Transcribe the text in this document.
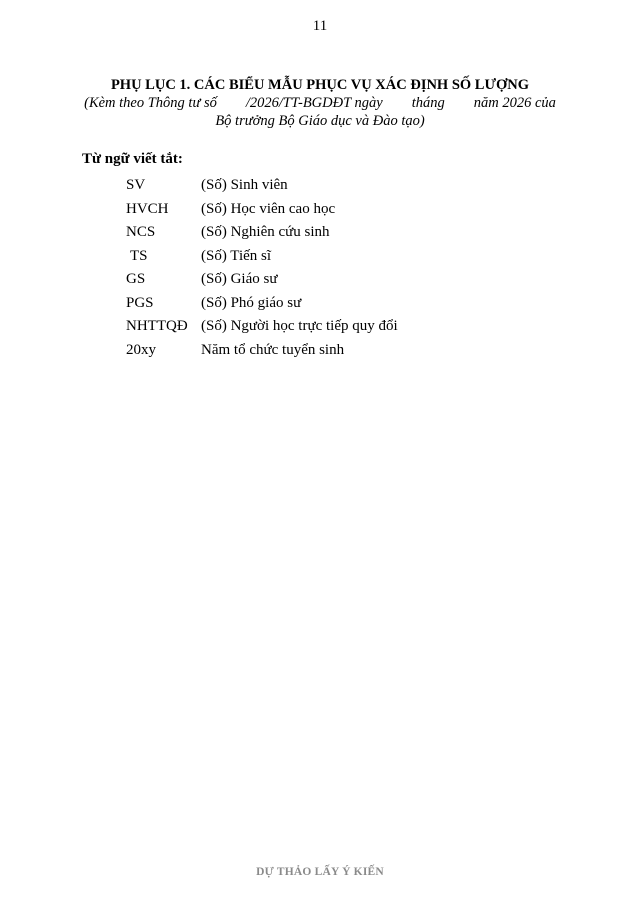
11
PHỤ LỤC 1. CÁC BIỂU MẪU PHỤC VỤ XÁC ĐỊNH SỐ LƯỢNG
(Kèm theo Thông tư số        /2026/TT-BGDĐT ngày        tháng        năm 2026 của
Bộ trưởng Bộ Giáo dục và Đào tạo)
Từ ngữ viết tắt:
SV	(Số) Sinh viên
HVCH	(Số) Học viên cao học
NCS	(Số) Nghiên cứu sinh
TS	(Số) Tiến sĩ
GS	(Số) Giáo sư
PGS	(Số) Phó giáo sư
NHTTQĐ (Số) Người học trực tiếp quy đổi
20xy	Năm tổ chức tuyển sinh
DỰ THẢO LẤY Ý KIẾN
